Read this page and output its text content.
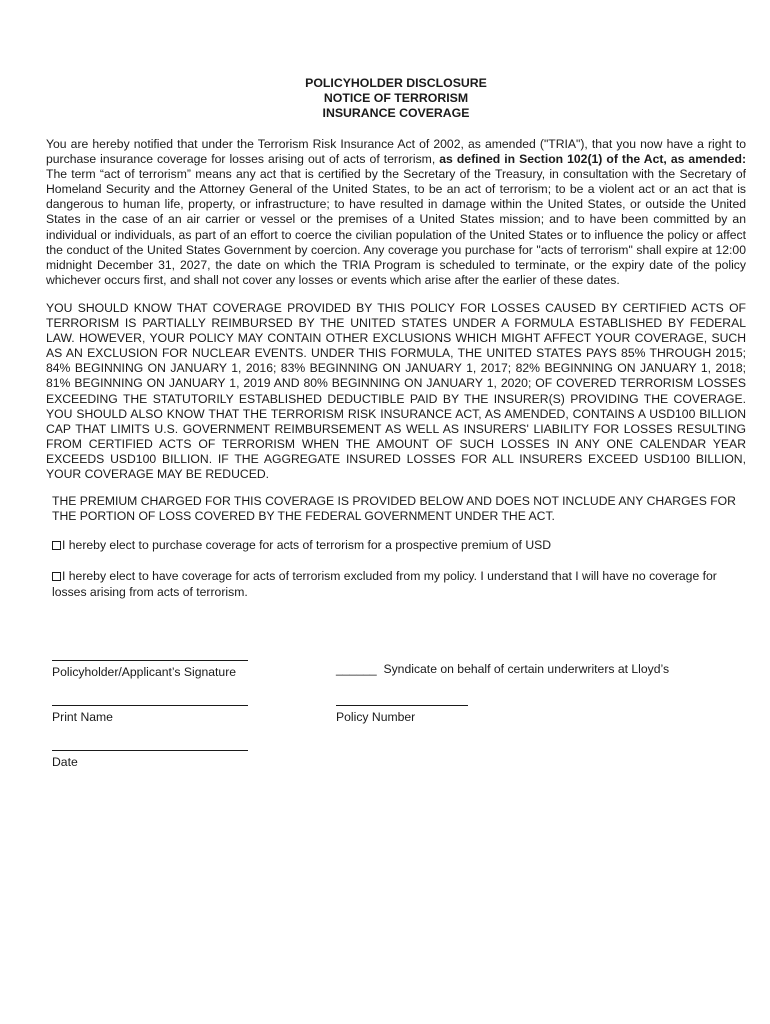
POLICYHOLDER DISCLOSURE
NOTICE OF TERRORISM
INSURANCE COVERAGE

You are hereby notified that under the Terrorism Risk Insurance Act of 2002, as amended ("TRIA"), that you now have a right to purchase insurance coverage for losses arising out of acts of terrorism, as defined in Section 102(1) of the Act, as amended: The term “act of terrorism” means any act that is certified by the Secretary of the Treasury, in consultation with the Secretary of Homeland Security and the Attorney General of the United States, to be an act of terrorism; to be a violent act or an act that is dangerous to human life, property, or infrastructure; to have resulted in damage within the United States, or outside the United States in the case of an air carrier or vessel or the premises of a United States mission; and to have been committed by an individual or individuals, as part of an effort to coerce the civilian population of the United States or to influence the policy or affect the conduct of the United States Government by coercion. Any coverage you purchase for "acts of terrorism" shall expire at 12:00 midnight December 31, 2027, the date on which the TRIA Program is scheduled to terminate, or the expiry date of the policy whichever occurs first, and shall not cover any losses or events which arise after the earlier of these dates.

YOU SHOULD KNOW THAT COVERAGE PROVIDED BY THIS POLICY FOR LOSSES CAUSED BY CERTIFIED ACTS OF TERRORISM IS PARTIALLY REIMBURSED BY THE UNITED STATES UNDER A FORMULA ESTABLISHED BY FEDERAL LAW. HOWEVER, YOUR POLICY MAY CONTAIN OTHER EXCLUSIONS WHICH MIGHT AFFECT YOUR COVERAGE, SUCH AS AN EXCLUSION FOR NUCLEAR EVENTS. UNDER THIS FORMULA, THE UNITED STATES PAYS 85% THROUGH 2015; 84% BEGINNING ON JANUARY 1, 2016; 83% BEGINNING ON JANUARY 1, 2017; 82% BEGINNING ON JANUARY 1, 2018; 81% BEGINNING ON JANUARY 1, 2019 AND 80% BEGINNING ON JANUARY 1, 2020; OF COVERED TERRORISM LOSSES EXCEEDING THE STATUTORILY ESTABLISHED DEDUCTIBLE PAID BY THE INSURER(S) PROVIDING THE COVERAGE. YOU SHOULD ALSO KNOW THAT THE TERRORISM RISK INSURANCE ACT, AS AMENDED, CONTAINS A USD100 BILLION CAP THAT LIMITS U.S. GOVERNMENT REIMBURSEMENT AS WELL AS INSURERS' LIABILITY FOR LOSSES RESULTING FROM CERTIFIED ACTS OF TERRORISM WHEN THE AMOUNT OF SUCH LOSSES IN ANY ONE CALENDAR YEAR EXCEEDS USD100 BILLION. IF THE AGGREGATE INSURED LOSSES FOR ALL INSURERS EXCEED USD100 BILLION, YOUR COVERAGE MAY BE REDUCED.

THE PREMIUM CHARGED FOR THIS COVERAGE IS PROVIDED BELOW AND DOES NOT INCLUDE ANY CHARGES FOR THE PORTION OF LOSS COVERED BY THE FEDERAL GOVERNMENT UNDER THE ACT.

I hereby elect to purchase coverage for acts of terrorism for a prospective premium of USD

I hereby elect to have coverage for acts of terrorism excluded from my policy. I understand that I will have no coverage for losses arising from acts of terrorism.

Policyholder/Applicant’s Signature	______ Syndicate on behalf of certain underwriters at Lloyd’s
Print Name	Policy Number
Date
